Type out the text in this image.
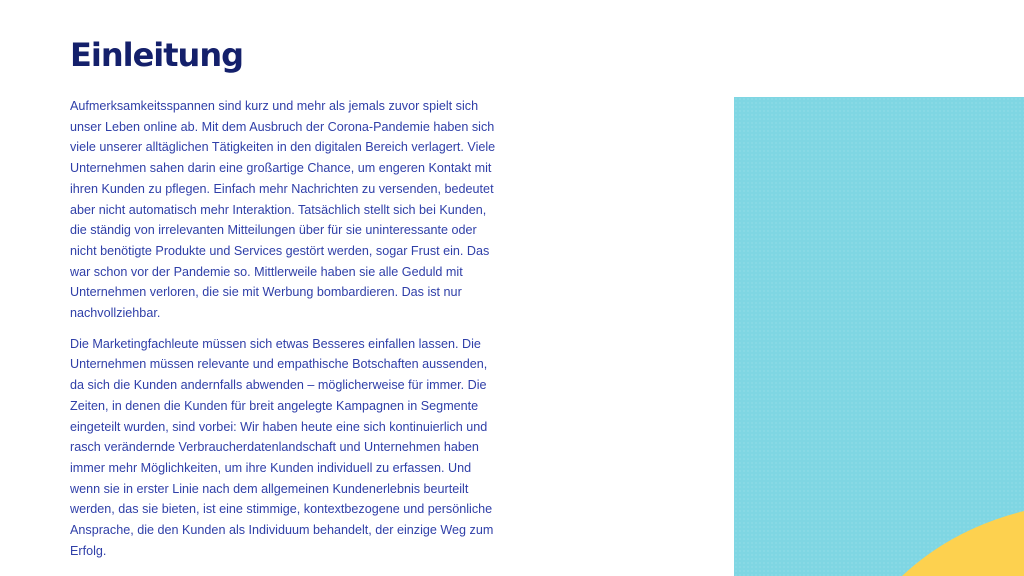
Einleitung

Aufmerksamkeitsspannen sind kurz und mehr als jemals zuvor spielt sich unser Leben online ab. Mit dem Ausbruch der Corona-Pandemie haben sich viele unserer alltäglichen Tätigkeiten in den digitalen Bereich verlagert. Viele Unternehmen sahen darin eine großartige Chance, um engeren Kontakt mit ihren Kunden zu pflegen. Einfach mehr Nachrichten zu versenden, bedeutet aber nicht automatisch mehr Interaktion. Tatsächlich stellt sich bei Kunden, die ständig von irrelevanten Mitteilungen über für sie uninteressante oder nicht benötigte Produkte und Services gestört werden, sogar Frust ein. Das war schon vor der Pandemie so. Mittlerweile haben sie alle Geduld mit Unternehmen verloren, die sie mit Werbung bombardieren. Das ist nur nachvollziehbar.

Die Marketingfachleute müssen sich etwas Besseres einfallen lassen. Die Unternehmen müssen relevante und empathische Botschaften aussenden, da sich die Kunden andernfalls abwenden – möglicherweise für immer. Die Zeiten, in denen die Kunden für breit angelegte Kampagnen in Segmente eingeteilt wurden, sind vorbei: Wir haben heute eine sich kontinuierlich und rasch verändernde Verbraucherdatenlandschaft und Unternehmen haben immer mehr Möglichkeiten, um ihre Kunden individuell zu erfassen. Und wenn sie in erster Linie nach dem allgemeinen Kundenerlebnis beurteilt werden, das sie bieten, ist eine stimmige, kontextbezogene und persönliche Ansprache, die den Kunden als Individuum behandelt, der einzige Weg zum Erfolg.
